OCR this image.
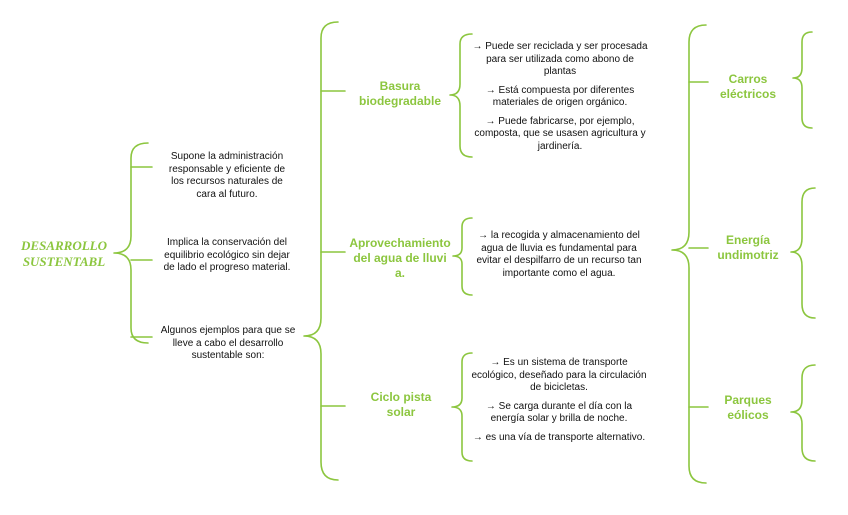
DESARROLLO
SUSTENTABL
Supone la administración responsable y eficiente de los recursos naturales de cara al futuro.
Implica la conservación del equilibrio ecológico sin dejar de lado el progreso material.
Algunos ejemplos para que se lleve a cabo el desarrollo sustentable son:
Basura biodegradable
Aprovechamiento del agua de lluvia.
Ciclo pista solar
→ Puede ser reciclada y ser procesada para ser utilizada como abono de plantas
→ Está compuesta por diferentes materiales de origen orgánico.
→ Puede fabricarse, por ejemplo, composta, que se usasen agricultura y jardinería.
→ la recogida y almacenamiento del agua de lluvia es fundamental para evitar el despilfarro de un recurso tan importante como el agua.
→ Es un sistema de transporte ecológico, deseñado para la circulación de bicicletas.
→ Se carga durante el día con la energía solar y brilla de noche.
→ es una vía de transporte alternativo.
Carros eléctricos
Energía undimotriz
Parques eólicos
